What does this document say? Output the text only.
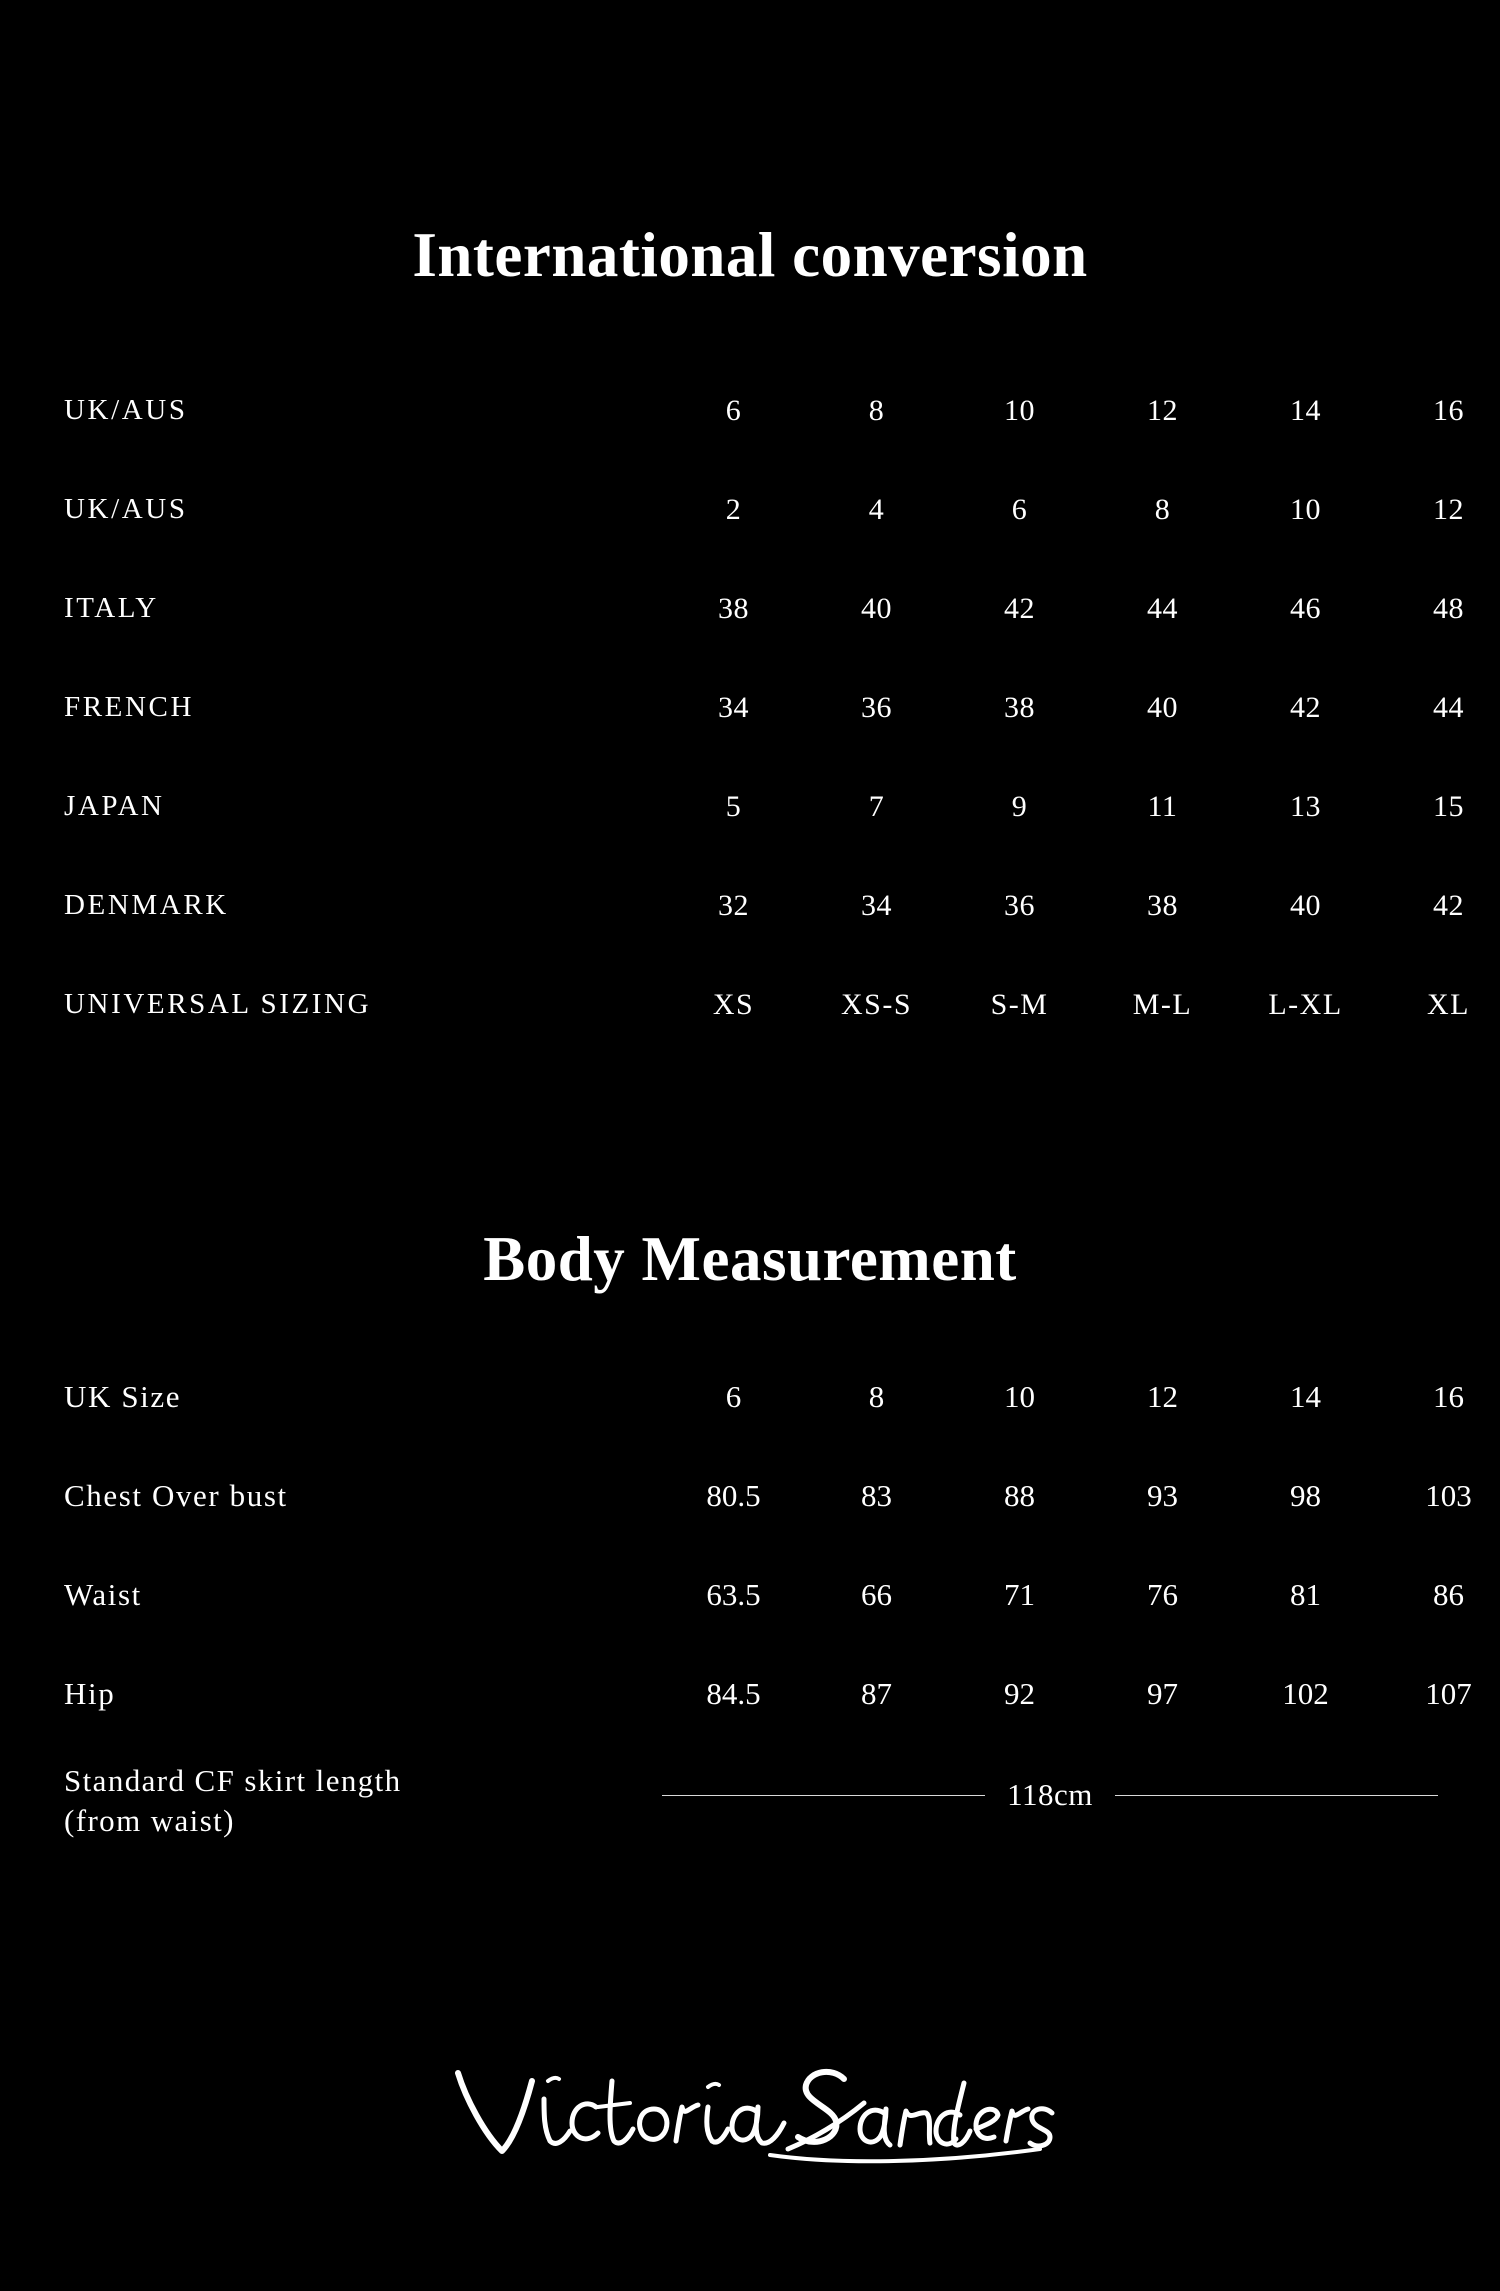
International conversion
UK/AUS	6	8	10	12	14	16
UK/AUS	2	4	6	8	10	12
ITALY	38	40	42	44	46	48
FRENCH	34	36	38	40	42	44
JAPAN	5	7	9	11	13	15
DENMARK	32	34	36	38	40	42
UNIVERSAL SIZING	XS	XS-S	S-M	M-L	L-XL	XL
Body Measurement
UK Size	6	8	10	12	14	16
Chest Over bust	80.5	83	88	93	98	103
Waist	63.5	66	71	76	81	86
Hip	84.5	87	92	97	102	107
Standard CF skirt length
(from waist)
118cm
